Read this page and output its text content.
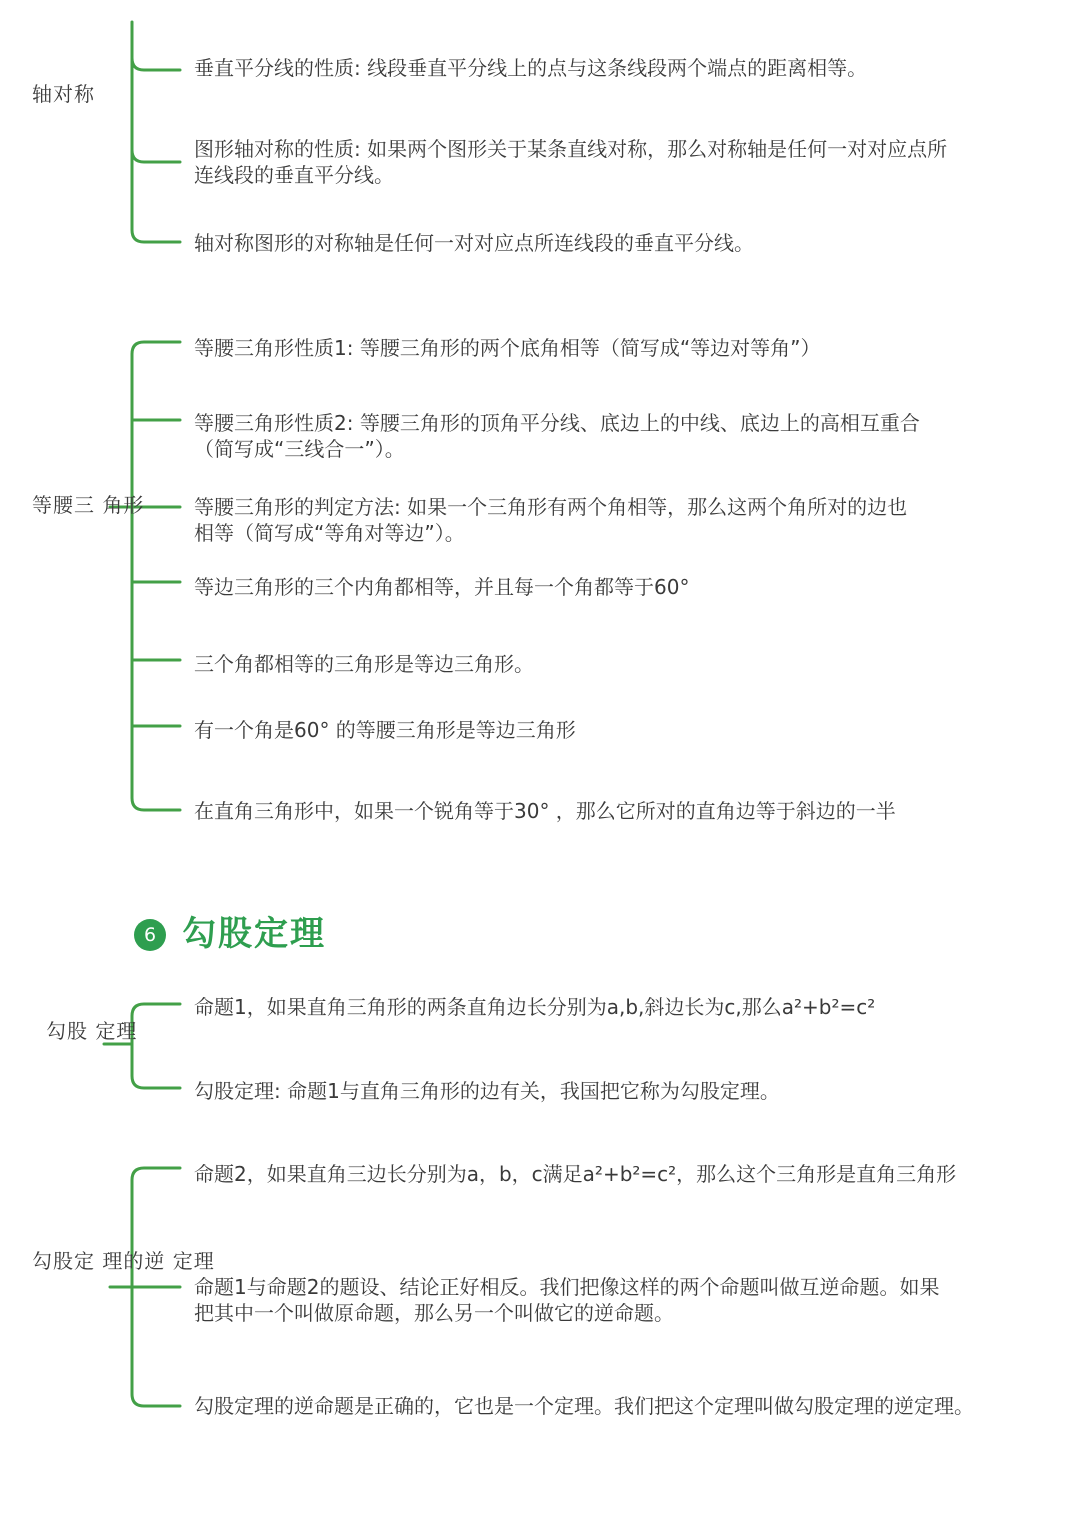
轴对称
垂直平分线的性质: 线段垂直平分线上的点与这条线段两个端点的距离相等。
图形轴对称的性质: 如果两个图形关于某条直线对称，那么对称轴是任何一对对应点所
连线段的垂直平分线。
轴对称图形的对称轴是任何一对对应点所连线段的垂直平分线。
等腰三 角形
等腰三角形性质1: 等腰三角形的两个底角相等（简写成“等边对等角”）
等腰三角形性质2: 等腰三角形的顶角平分线、底边上的中线、底边上的高相互重合
（简写成“三线合一”）。
等腰三角形的判定方法: 如果一个三角形有两个角相等，那么这两个角所对的边也
相等（简写成“等角对等边”）。
等边三角形的三个内角都相等，并且每一个角都等于60°
三个角都相等的三角形是等边三角形。
有一个角是60° 的等腰三角形是等边三角形
在直角三角形中，如果一个锐角等于30° ，那么它所对的直角边等于斜边的一半
6 勾股定理
勾股 定理
命题1，如果直角三角形的两条直角边长分别为a,b,斜边长为c,那么a²+b²=c²
勾股定理: 命题1与直角三角形的边有关，我国把它称为勾股定理。
勾股定 理的逆 定理
命题2，如果直角三边长分别为a，b，c满足a²+b²=c²，那么这个三角形是直角三角形
命题1与命题2的题设、结论正好相反。我们把像这样的两个命题叫做互逆命题。如果
把其中一个叫做原命题，那么另一个叫做它的逆命题。
勾股定理的逆命题是正确的，它也是一个定理。我们把这个定理叫做勾股定理的逆定理。
